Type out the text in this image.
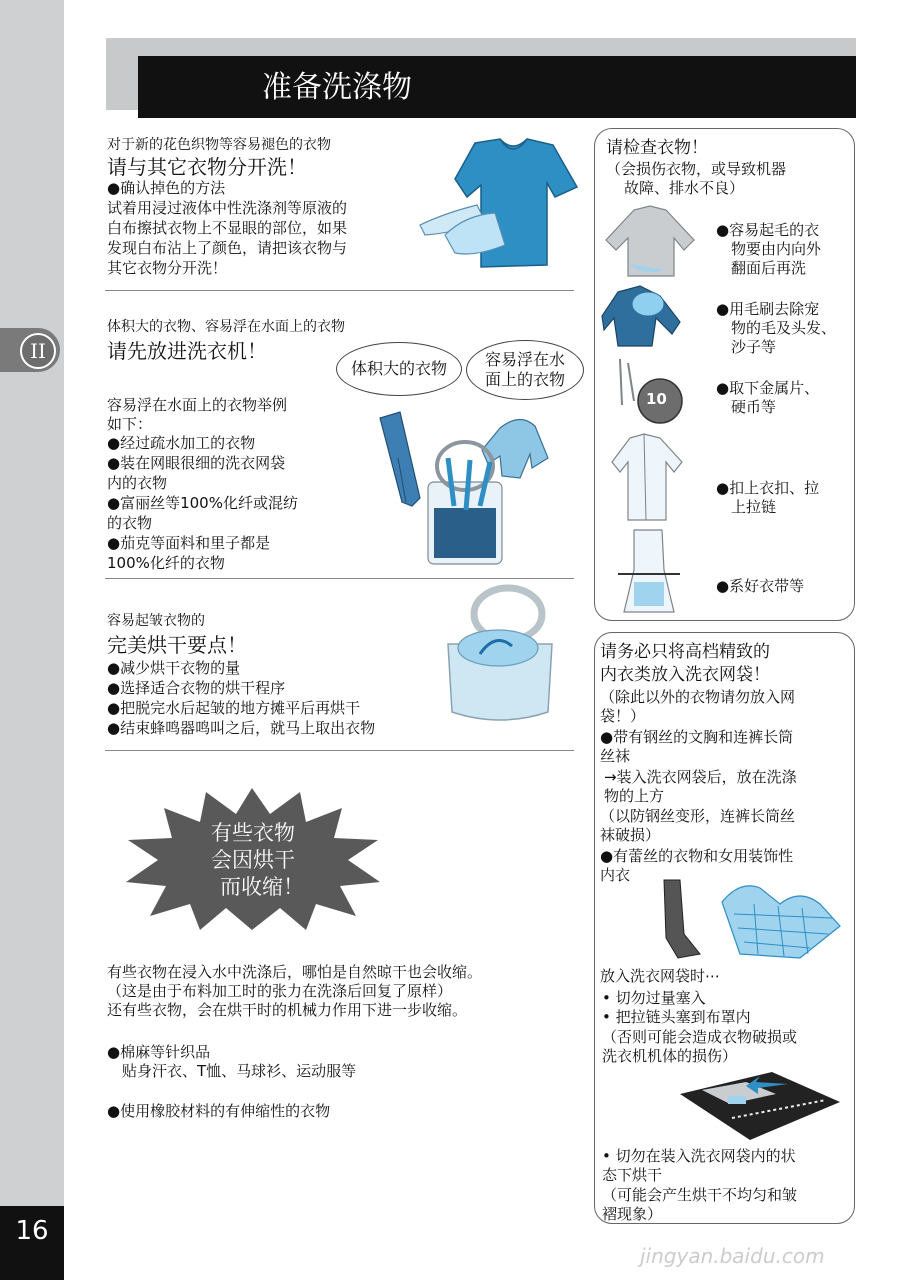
II
16
准备洗涤物
对于新的花色织物等容易褪色的衣物
请与其它衣物分开洗！
●确认掉色的方法
试着用浸过液体中性洗涤剂等原液的
白布擦拭衣物上不显眼的部位，如果
发现白布沾上了颜色，请把该衣物与
其它衣物分开洗！
体积大的衣物、容易浮在水面上的衣物
请先放进洗衣机！
体积大的衣物	容易浮在水
面上的衣物
容易浮在水面上的衣物举例
如下：
●经过疏水加工的衣物
●装在网眼很细的洗衣网袋
内的衣物
●富丽丝等100%化纤或混纺
的衣物
●茄克等面料和里子都是
100%化纤的衣物
容易起皱衣物的
完美烘干要点！
●减少烘干衣物的量
●选择适合衣物的烘干程序
●把脱完水后起皱的地方摊平后再烘干
●结束蜂鸣器鸣叫之后，就马上取出衣物
有些衣物
会因烘干
而收缩！
有些衣物在浸入水中洗涤后，哪怕是自然晾干也会收缩。
（这是由于布料加工时的张力在洗涤后回复了原样）
还有些衣物，会在烘干时的机械力作用下进一步收缩。
●棉麻等针织品
贴身汗衣、T恤、马球衫、运动服等
●使用橡胶材料的有伸缩性的衣物
请检查衣物！
（会损伤衣物，或导致机器
故障、排水不良）
●容易起毛的衣
物要由内向外
翻面后再洗
●用毛刷去除宠
物的毛及头发、
沙子等
10
●取下金属片、
硬币等
●扣上衣扣、拉
上拉链
●系好衣带等
请务必只将高档精致的
内衣类放入洗衣网袋！
（除此以外的衣物请勿放入网
袋！）
●带有钢丝的文胸和连裤长筒
丝袜
→装入洗衣网袋后，放在洗涤
物的上方
（以防钢丝变形，连裤长筒丝
袜破损）
●有蕾丝的衣物和女用装饰性
内衣
放入洗衣网袋时⋯
• 切勿过量塞入
• 把拉链头塞到布罩内
（否则可能会造成衣物破损或
洗衣机机体的损伤）
• 切勿在装入洗衣网袋内的状
态下烘干
（可能会产生烘干不均匀和皱
褶现象）
jingyan.baidu.com
